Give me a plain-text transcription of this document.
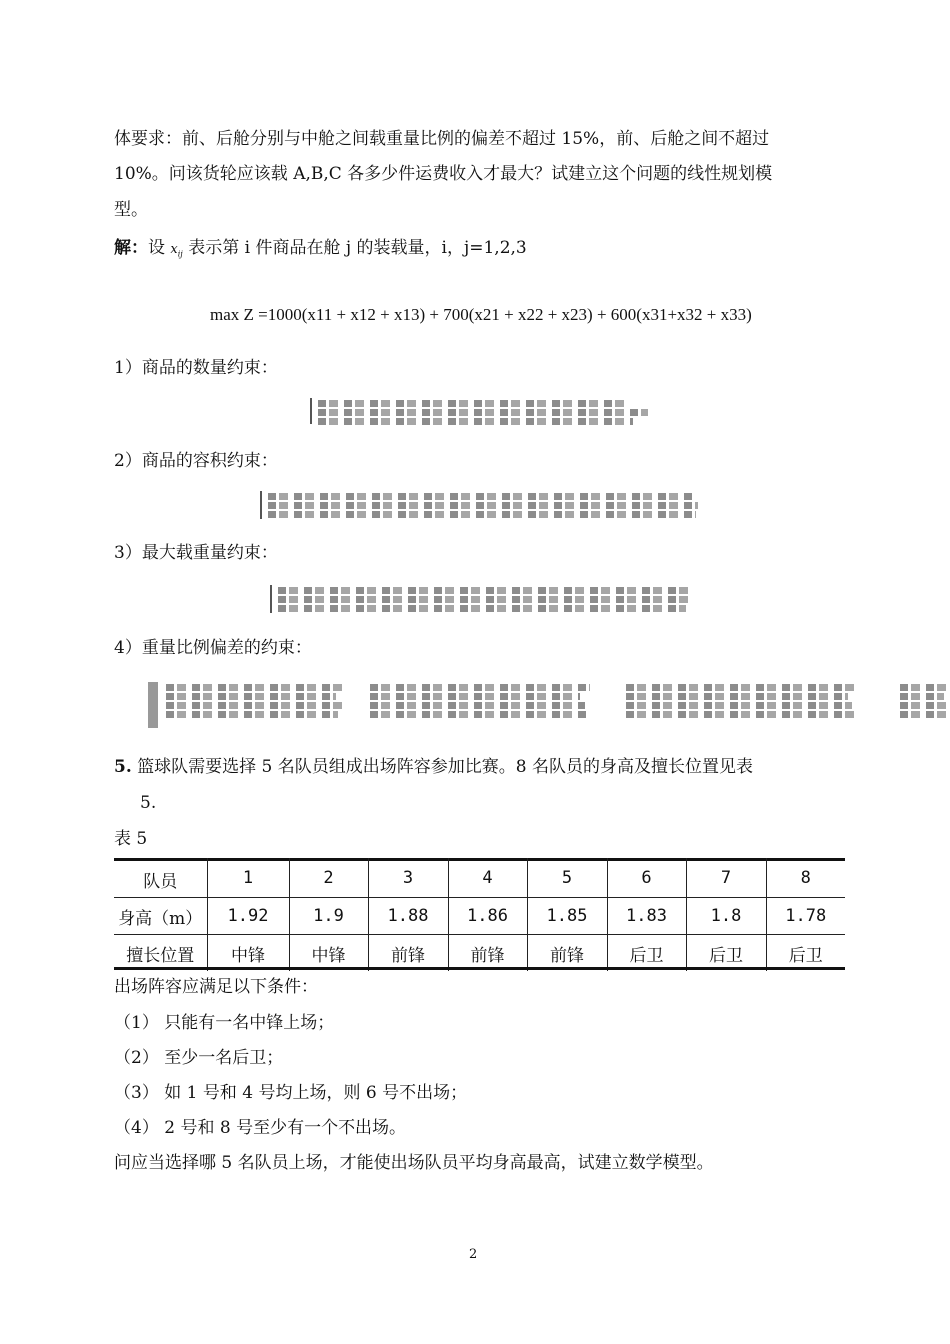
体要求：前、后舱分别与中舱之间载重量比例的偏差不超过 15%，前、后舱之间不超过
10%。问该货轮应该载 A,B,C 各多少件运费收入才最大？试建立这个问题的线性规划模
型。
解：设 $x_{ij}$ 表示第 i 件商品在舱 j 的装载量，i，j=1,2,3
max Z =1000(x11 + x12 + x13) + 700(x21 + x22 + x23) + 600(x31+x32 + x33)
1）商品的数量约束：
2）商品的容积约束：
3）最大载重量约束：
4）重量比例偏差的约束：
5. 篮球队需要选择 5 名队员组成出场阵容参加比赛。8 名队员的身高及擅长位置见表
5.
表 5
队员	1	2	3	4	5	6	7	8
身高（m）	1.92	1.9	1.88	1.86	1.85	1.83	1.8	1.78
擅长位置	中锋	中锋	前锋	前锋	前锋	后卫	后卫	后卫
出场阵容应满足以下条件：
（1） 只能有一名中锋上场；
（2） 至少一名后卫；
（3） 如 1 号和 4 号均上场，则 6 号不出场；
（4） 2 号和 8 号至少有一个不出场。
问应当选择哪 5 名队员上场，才能使出场队员平均身高最高，试建立数学模型。
2
